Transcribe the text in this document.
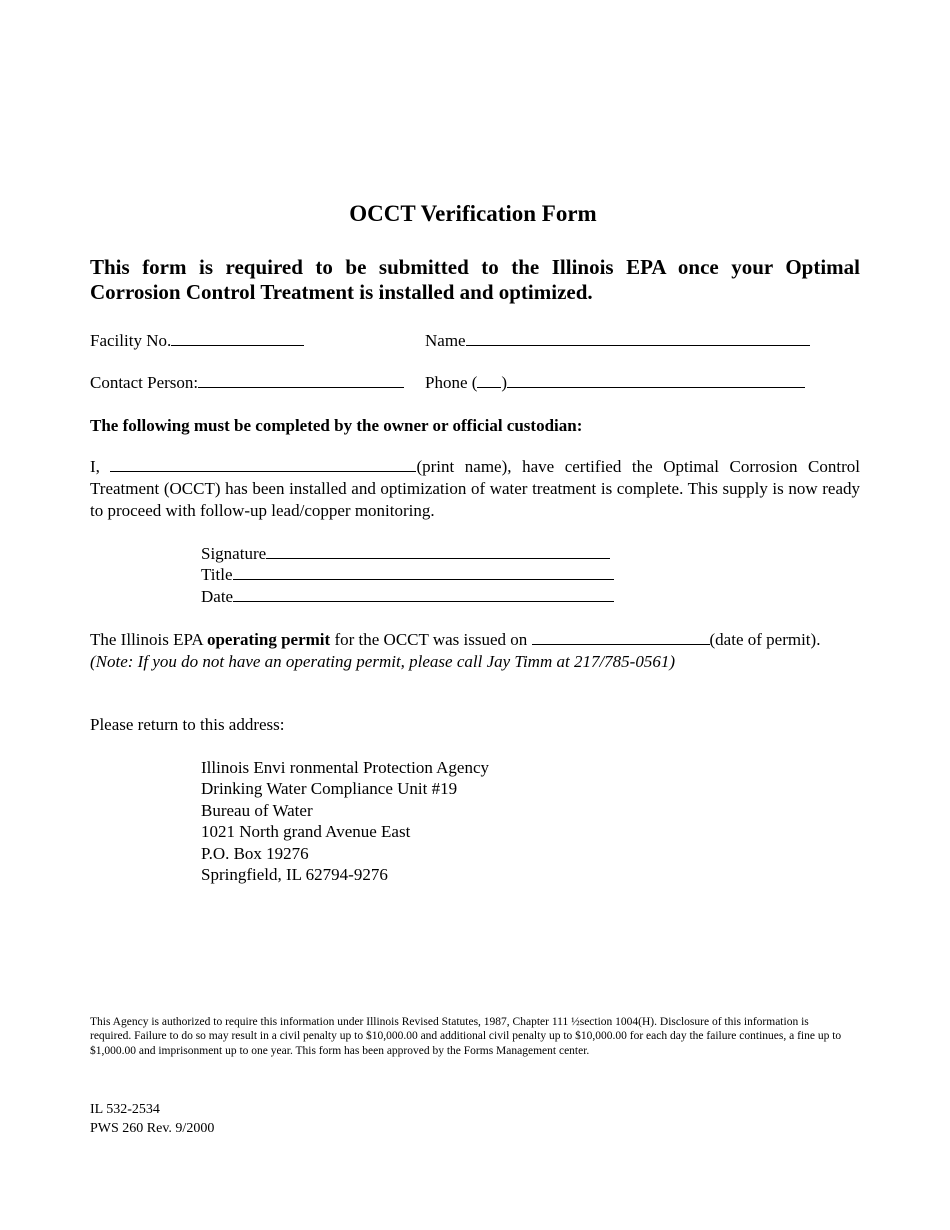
OCCT Verification Form
This form is required to be submitted to the Illinois EPA once your Optimal Corrosion Control Treatment is installed and optimized.
Facility No.	Name
Contact Person:	Phone ( )
The following must be completed by the owner or official custodian:
I,	(print name), have certified the Optimal Corrosion Control Treatment (OCCT) has been installed and optimization of water treatment is complete. This supply is now ready to proceed with follow-up lead/copper monitoring.
Signature
Title
Date
The Illinois EPA operating permit for the OCCT was issued on	(date of permit). (Note: If you do not have an operating permit, please call Jay Timm at 217/785-0561)
Please return to this address:
Illinois Envi ronmental Protection Agency
Drinking Water Compliance Unit #19
Bureau of Water
1021 North grand Avenue East
P.O. Box 19276
Springfield, IL 62794-9276
This Agency is authorized to require this information under Illinois Revised Statutes, 1987, Chapter 111 ½section 1004(H). Disclosure of this information is required. Failure to do so may result in a civil penalty up to $10,000.00 and additional civil penalty up to $10,000.00 for each day the failure continues, a fine up to $1,000.00 and imprisonment up to one year. This form has been approved by the Forms Management center.
IL 532-2534
PWS 260 Rev. 9/2000
